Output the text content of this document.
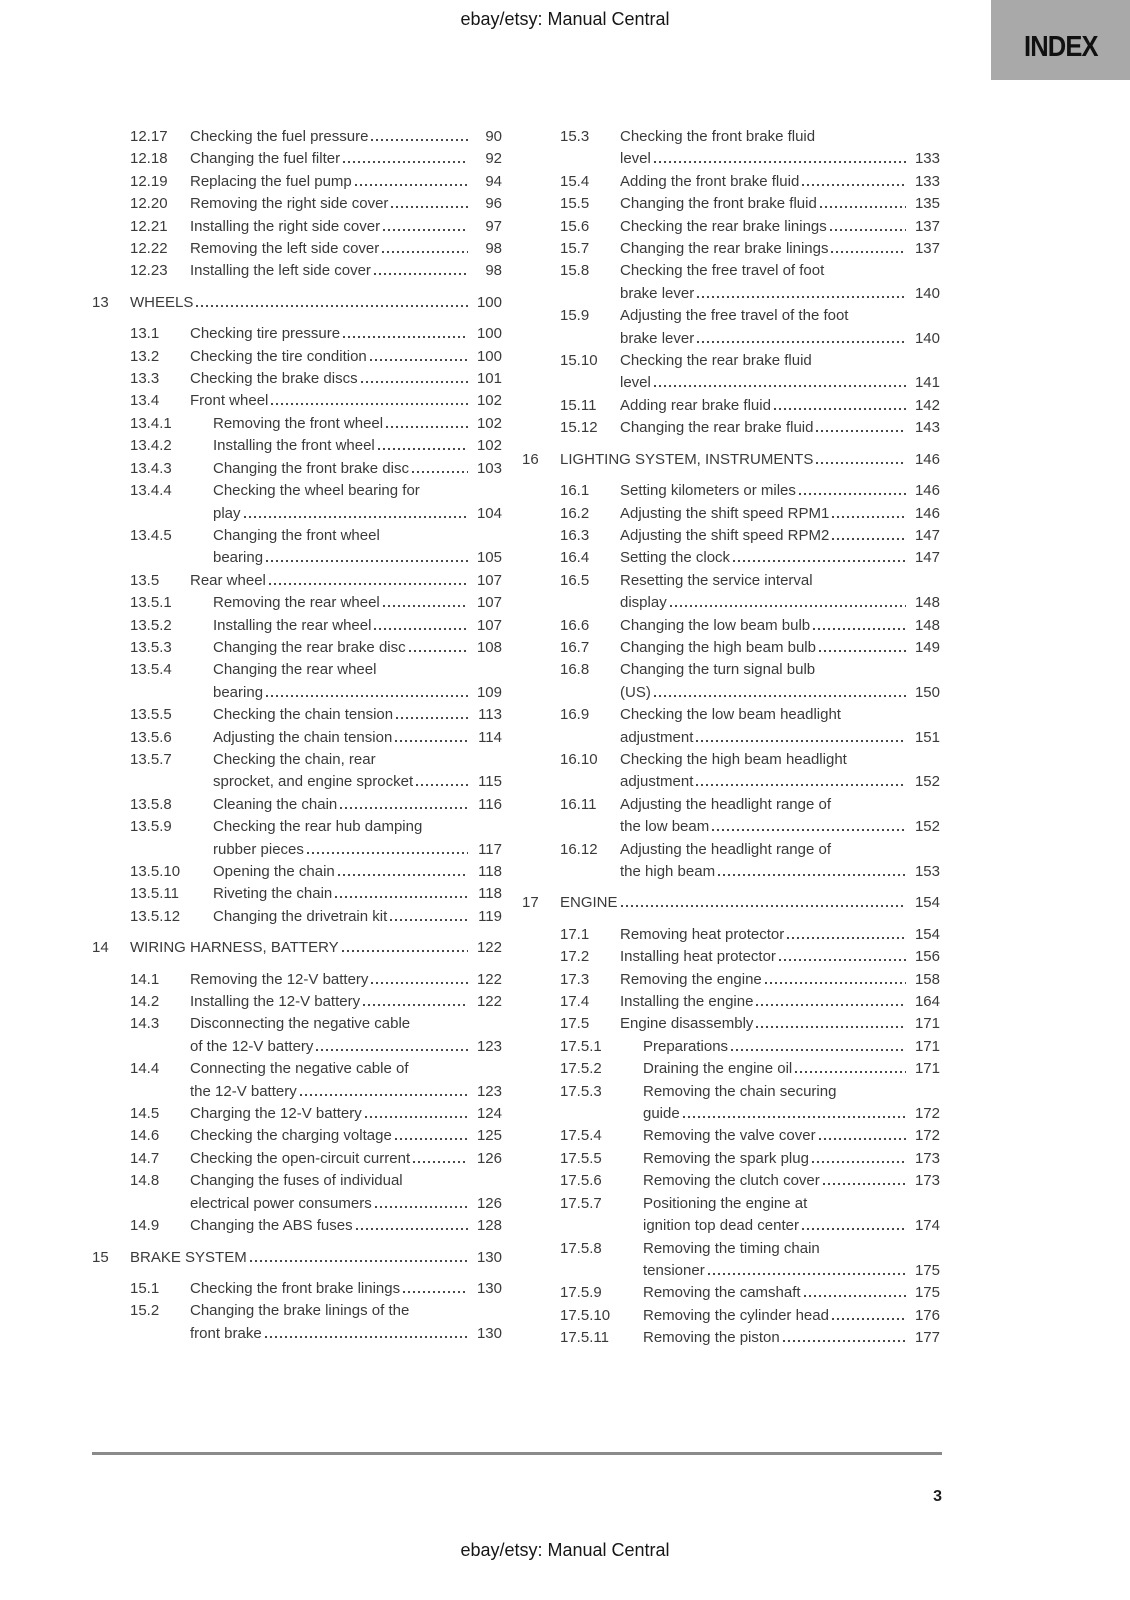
ebay/etsy: Manual Central
INDEX
12.17	Checking the fuel pressure	90
12.18	Changing the fuel filter	92
12.19	Replacing the fuel pump	94
12.20	Removing the right side cover	96
12.21	Installing the right side cover	97
12.22	Removing the left side cover	98
12.23	Installing the left side cover	98
13	WHEELS	100
13.1	Checking tire pressure	100
13.2	Checking the tire condition	100
13.3	Checking the brake discs	101
13.4	Front wheel	102
13.4.1	Removing the front wheel	102
13.4.2	Installing the front wheel	102
13.4.3	Changing the front brake disc	103
13.4.4	Checking the wheel bearing for
play	104
13.4.5	Changing the front wheel
bearing	105
13.5	Rear wheel	107
13.5.1	Removing the rear wheel	107
13.5.2	Installing the rear wheel	107
13.5.3	Changing the rear brake disc	108
13.5.4	Changing the rear wheel
bearing	109
13.5.5	Checking the chain tension	113
13.5.6	Adjusting the chain tension	114
13.5.7	Checking the chain, rear
sprocket, and engine sprocket	115
13.5.8	Cleaning the chain	116
13.5.9	Checking the rear hub damping
rubber pieces	117
13.5.10	Opening the chain	118
13.5.11	Riveting the chain	118
13.5.12	Changing the drivetrain kit	119
14	WIRING HARNESS, BATTERY	122
14.1	Removing the 12-V battery	122
14.2	Installing the 12-V battery	122
14.3	Disconnecting the negative cable
of the 12-V battery	123
14.4	Connecting the negative cable of
the 12-V battery	123
14.5	Charging the 12-V battery	124
14.6	Checking the charging voltage	125
14.7	Checking the open-circuit current	126
14.8	Changing the fuses of individual
electrical power consumers	126
14.9	Changing the ABS fuses	128
15	BRAKE SYSTEM	130
15.1	Checking the front brake linings	130
15.2	Changing the brake linings of the
front brake	130
15.3	Checking the front brake fluid
level	133
15.4	Adding the front brake fluid	133
15.5	Changing the front brake fluid	135
15.6	Checking the rear brake linings	137
15.7	Changing the rear brake linings	137
15.8	Checking the free travel of foot
brake lever	140
15.9	Adjusting the free travel of the foot
brake lever	140
15.10	Checking the rear brake fluid
level	141
15.11	Adding rear brake fluid	142
15.12	Changing the rear brake fluid	143
16	LIGHTING SYSTEM, INSTRUMENTS	146
16.1	Setting kilometers or miles	146
16.2	Adjusting the shift speed RPM1	146
16.3	Adjusting the shift speed RPM2	147
16.4	Setting the clock	147
16.5	Resetting the service interval
display	148
16.6	Changing the low beam bulb	148
16.7	Changing the high beam bulb	149
16.8	Changing the turn signal bulb
(US)	150
16.9	Checking the low beam headlight
adjustment	151
16.10	Checking the high beam headlight
adjustment	152
16.11	Adjusting the headlight range of
the low beam	152
16.12	Adjusting the headlight range of
the high beam	153
17	ENGINE	154
17.1	Removing heat protector	154
17.2	Installing heat protector	156
17.3	Removing the engine	158
17.4	Installing the engine	164
17.5	Engine disassembly	171
17.5.1	Preparations	171
17.5.2	Draining the engine oil	171
17.5.3	Removing the chain securing
guide	172
17.5.4	Removing the valve cover	172
17.5.5	Removing the spark plug	173
17.5.6	Removing the clutch cover	173
17.5.7	Positioning the engine at
ignition top dead center	174
17.5.8	Removing the timing chain
tensioner	175
17.5.9	Removing the camshaft	175
17.5.10	Removing the cylinder head	176
17.5.11	Removing the piston	177
3
ebay/etsy: Manual Central
